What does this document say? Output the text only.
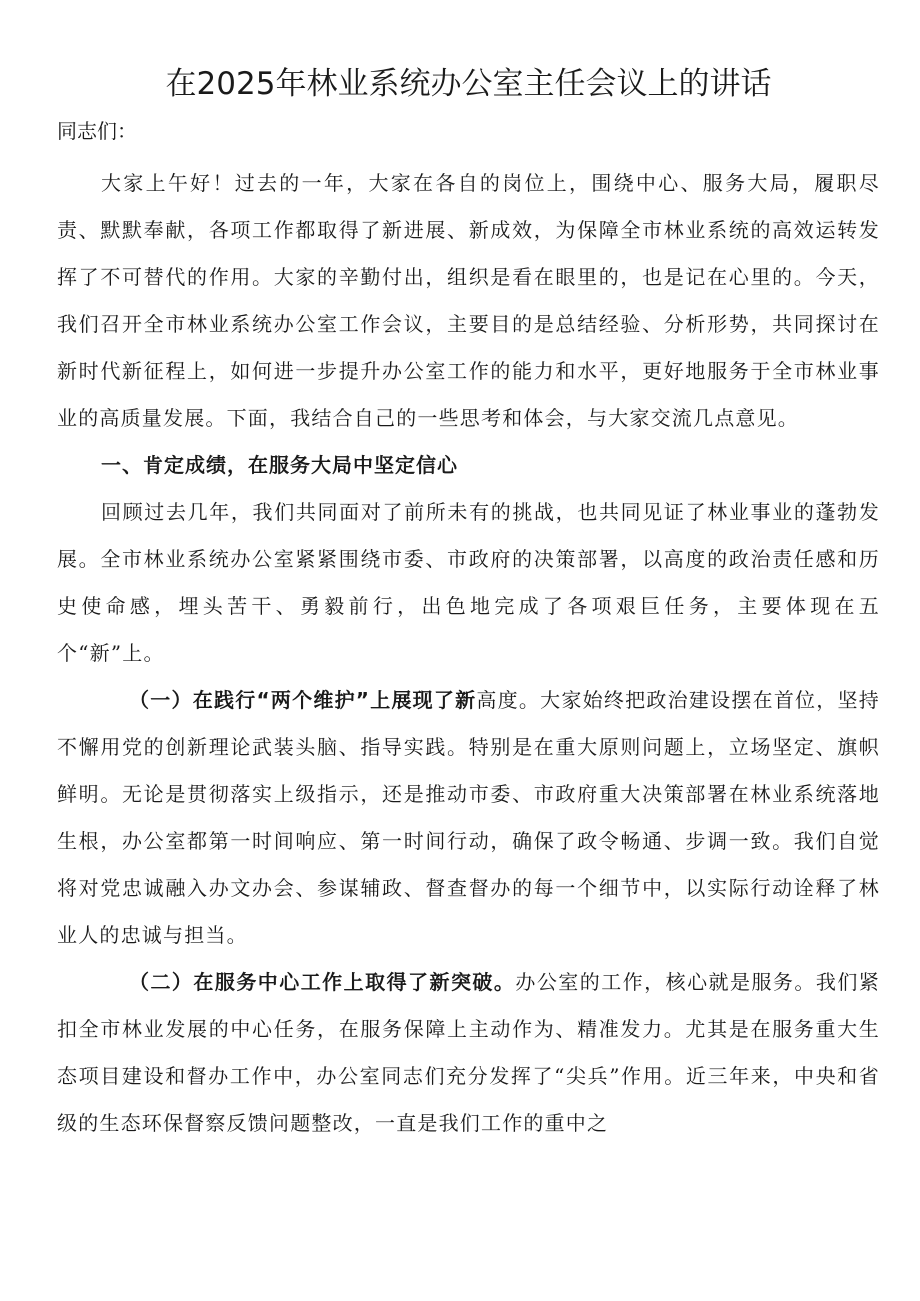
在2025年林业系统办公室主任会议上的讲话
同志们：

大家上午好！过去的一年，大家在各自的岗位上，围绕中心、服务大局，履职尽责、默默奉献，各项工作都取得了新进展、新成效，为保障全市林业系统的高效运转发挥了不可替代的作用。大家的辛勤付出，组织是看在眼里的，也是记在心里的。今天，我们召开全市林业系统办公室工作会议，主要目的是总结经验、分析形势，共同探讨在新时代新征程上，如何进一步提升办公室工作的能力和水平，更好地服务于全市林业事业的高质量发展。下面，我结合自己的一些思考和体会，与大家交流几点意见。

一、肯定成绩，在服务大局中坚定信心

回顾过去几年，我们共同面对了前所未有的挑战，也共同见证了林业事业的蓬勃发展。全市林业系统办公室紧紧围绕市委、市政府的决策部署，以高度的政治责任感和历史使命感，埋头苦干、勇毅前行，出色地完成了各项艰巨任务，主要体现在五个“新”上。

（一）在践行“两个维护”上展现了新高度。大家始终把政治建设摆在首位，坚持不懈用党的创新理论武装头脑、指导实践。特别是在重大原则问题上，立场坚定、旗帜鲜明。无论是贯彻落实上级指示，还是推动市委、市政府重大决策部署在林业系统落地生根，办公室都第一时间响应、第一时间行动，确保了政令畅通、步调一致。我们自觉将对党忠诚融入办文办会、参谋辅政、督查督办的每一个细节中，以实际行动诠释了林业人的忠诚与担当。

（二）在服务中心工作上取得了新突破。办公室的工作，核心就是服务。我们紧扣全市林业发展的中心任务，在服务保障上主动作为、精准发力。尤其是在服务重大生态项目建设和督办工作中，办公室同志们充分发挥了“尖兵”作用。近三年来，中央和省级的生态环保督察反馈问题整改，一直是我们工作的重中之
